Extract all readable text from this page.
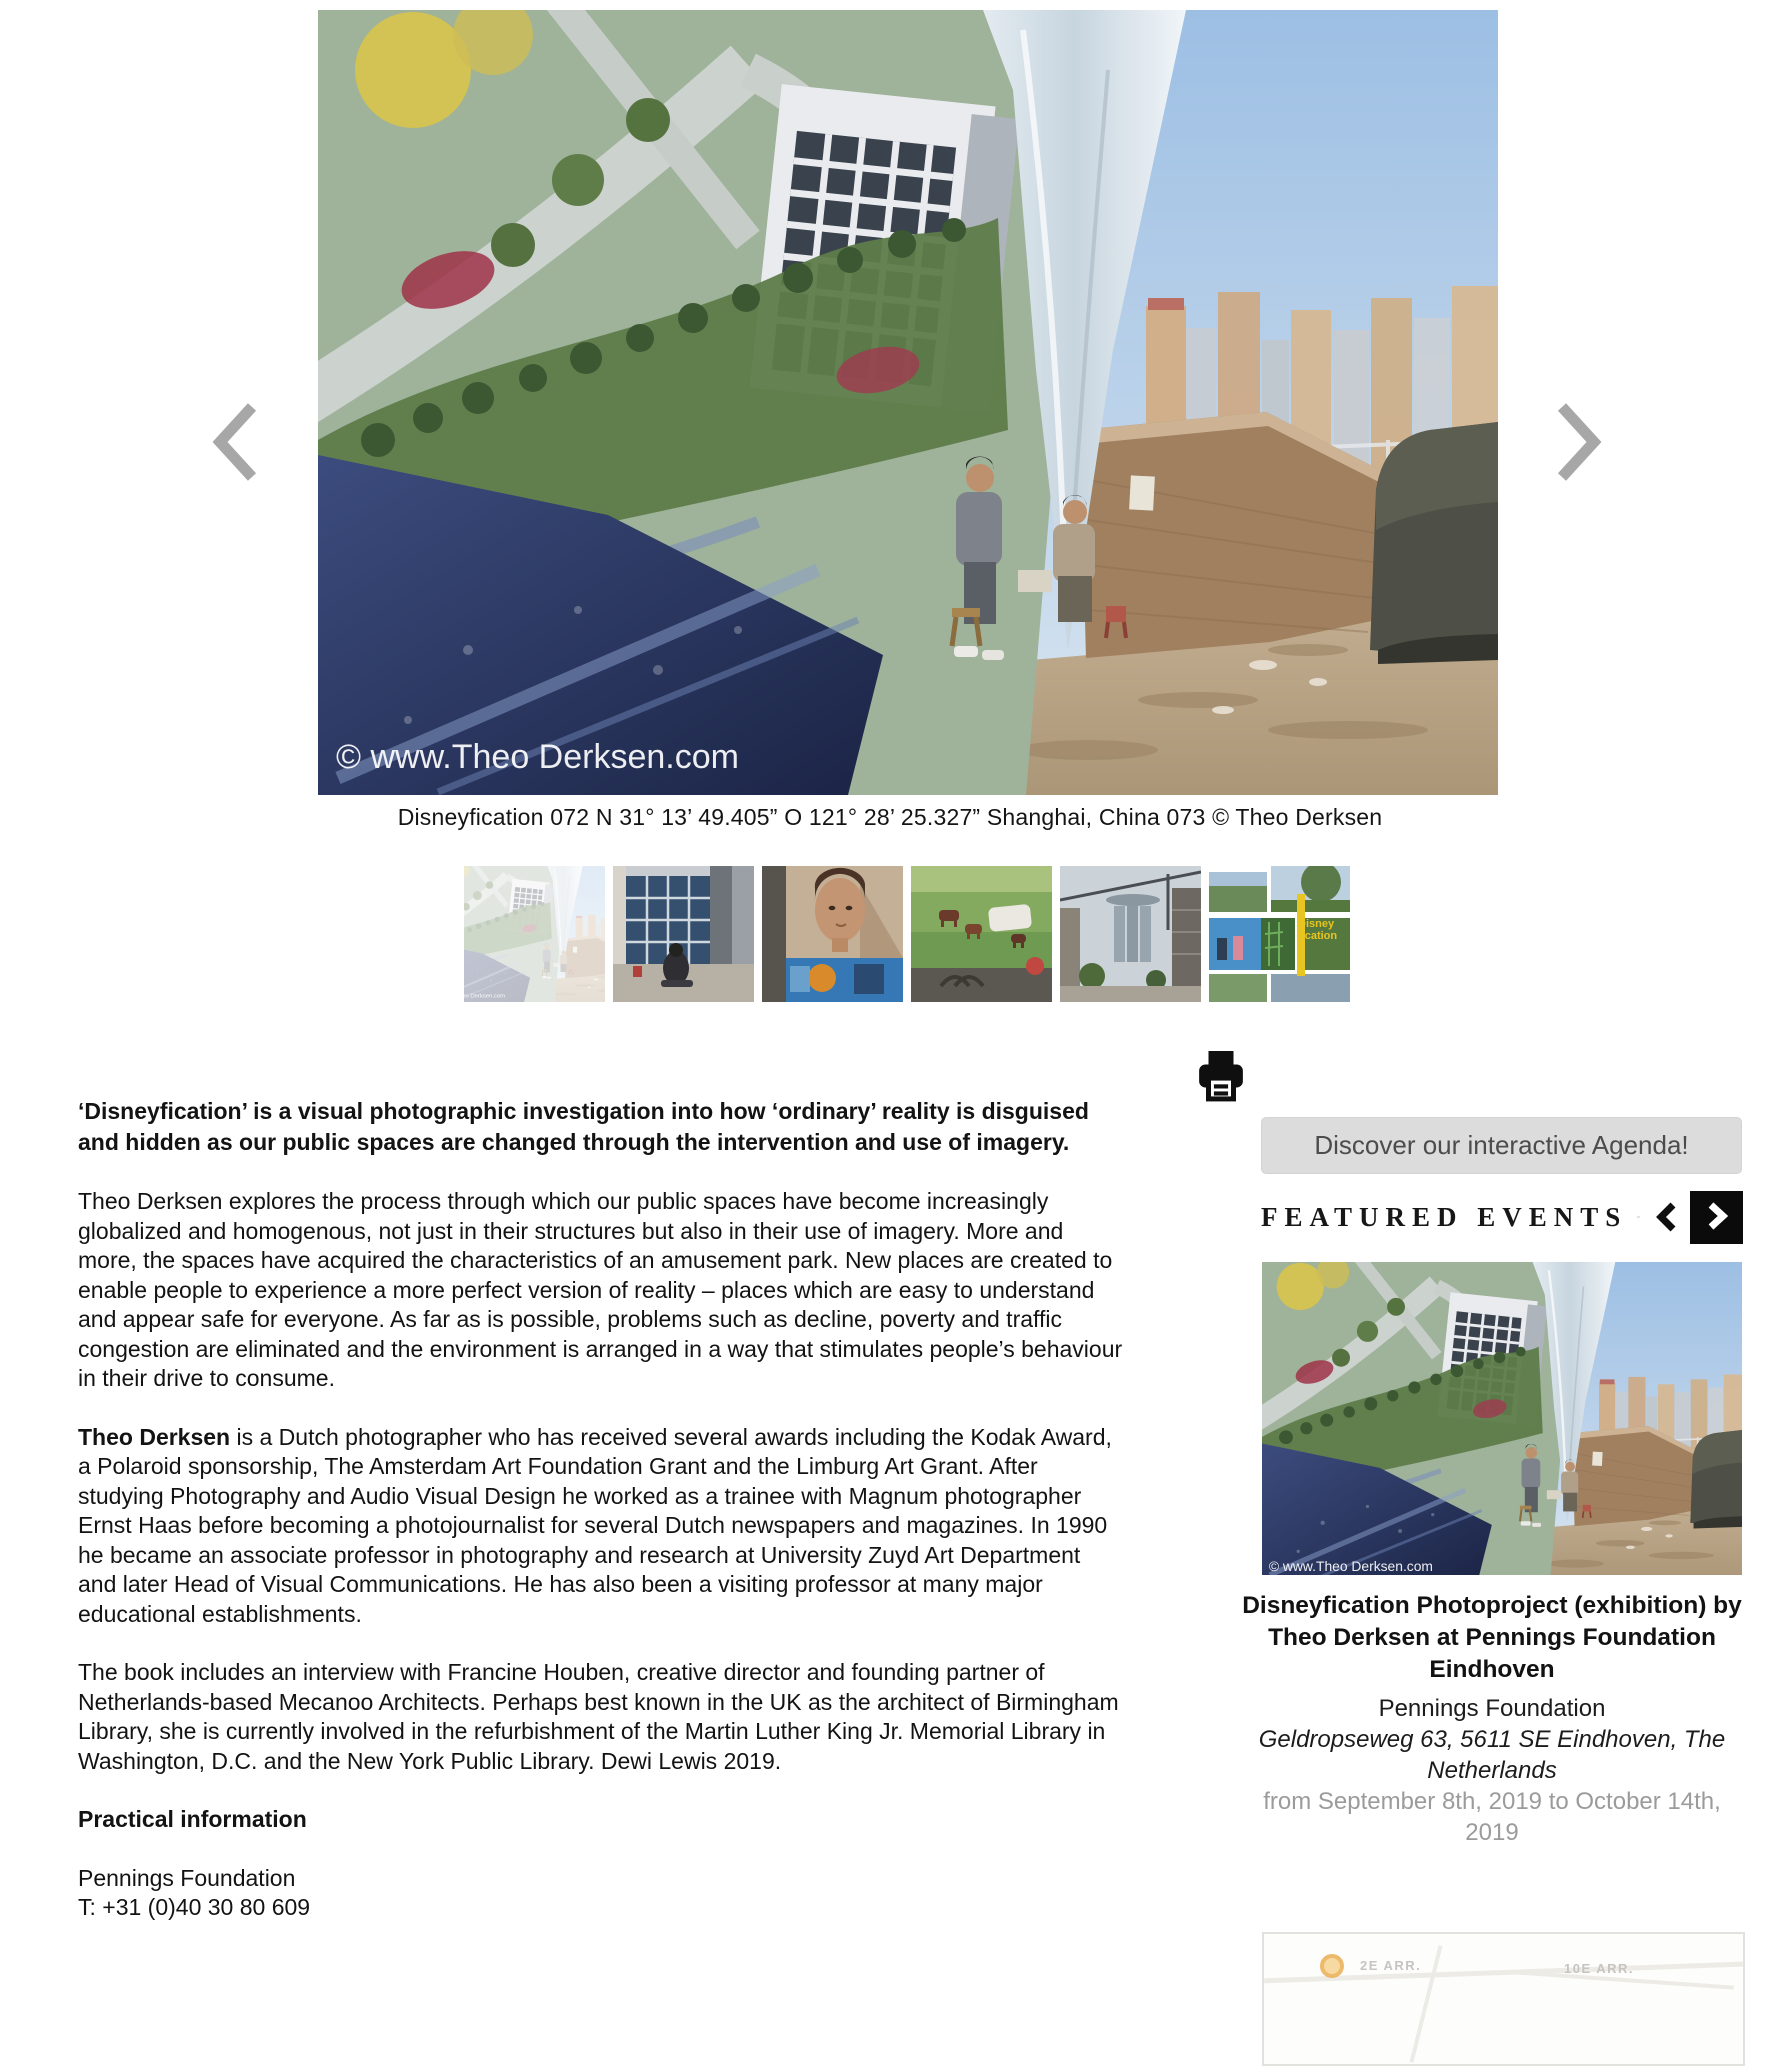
Disneyfication 072 N 31° 13’ 49.405” O 121° 28’ 25.327” Shanghai, China 073 © Theo Derksen
Disney fication

‘Disneyfication’ is a visual photographic investigation into how ‘ordinary’ reality is disguised and hidden as our public spaces are changed through the intervention and use of imagery.

Theo Derksen explores the process through which our public spaces have become increasingly globalized and homogenous, not just in their structures but also in their use of imagery. More and more, the spaces have acquired the characteristics of an amusement park. New places are created to enable people to experience a more perfect version of reality – places which are easy to understand and appear safe for everyone. As far as is possible, problems such as decline, poverty and traffic congestion are eliminated and the environment is arranged in a way that stimulates people’s behaviour in their drive to consume.

Theo Derksen is a Dutch photographer who has received several awards including the Kodak Award, a Polaroid sponsorship, The Amsterdam Art Foundation Grant and the Limburg Art Grant. After studying Photography and Audio Visual Design he worked as a trainee with Magnum photographer Ernst Haas before becoming a photojournalist for several Dutch newspapers and magazines. In 1990 he became an associate professor in photography and research at University Zuyd Art Department and later Head of Visual Communications. He has also been a visiting professor at many major educational establishments.

The book includes an interview with Francine Houben, creative director and founding partner of Netherlands-based Mecanoo Architects. Perhaps best known in the UK as the architect of Birmingham Library, she is currently involved in the refurbishment of the Martin Luther King Jr. Memorial Library in Washington, D.C. and the New York Public Library. Dewi Lewis 2019.

Practical information

Pennings Foundation
T: +31 (0)40 30 80 609
Discover our interactive Agenda!
FEATURED EVENTS
Disneyfication Photoproject (exhibition) by Theo Derksen at Pennings Foundation Eindhoven
Pennings Foundation
Geldropseweg 63, 5611 SE Eindhoven, The Netherlands
from September 8th, 2019 to October 14th, 2019
2E ARR.	10E ARR.
